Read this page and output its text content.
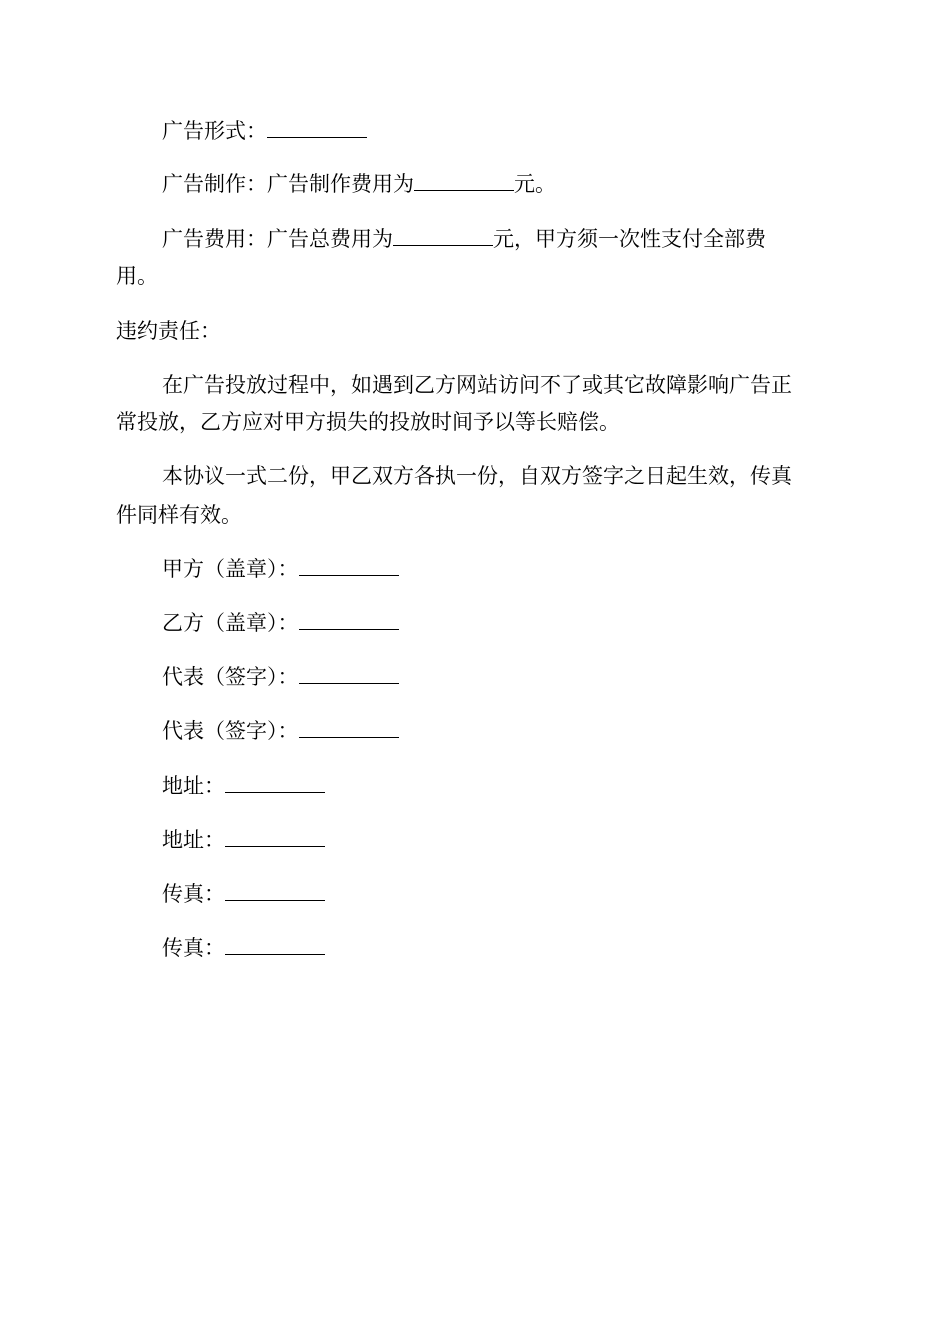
广告形式：
广告制作：广告制作费用为	元。
广告费用：广告总费用为	元，甲方须一次性支付全部费
用。
违约责任：
在广告投放过程中，如遇到乙方网站访问不了或其它故障影响广告正
常投放，乙方应对甲方损失的投放时间予以等长赔偿。
本协议一式二份，甲乙双方各执一份，自双方签字之日起生效，传真
件同样有效。
甲方（盖章）：
乙方（盖章）：
代表（签字）：
代表（签字）：
地址：
地址：
传真：
传真：
